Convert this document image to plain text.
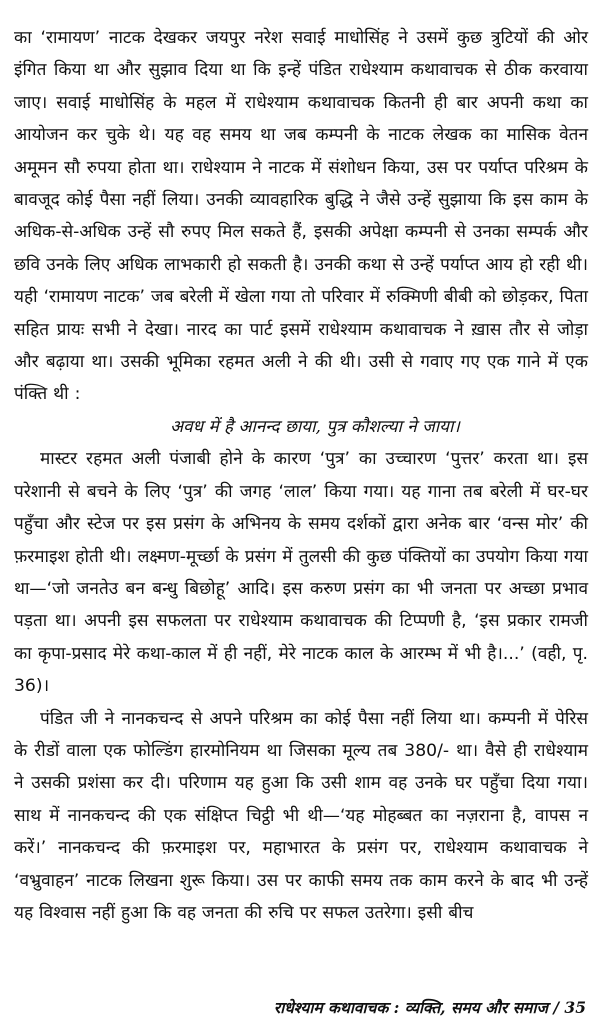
का ‘रामायण’ नाटक देखकर जयपुर नरेश सवाई माधोसिंह ने उसमें कुछ त्रुटियों की ओर इंगित किया था और सुझाव दिया था कि इन्हें पंडित राधेश्याम कथावाचक से ठीक करवाया जाए। सवाई माधोसिंह के महल में राधेश्याम कथावाचक कितनी ही बार अपनी कथा का आयोजन कर चुके थे। यह वह समय था जब कम्पनी के नाटक लेखक का मासिक वेतन अमूमन सौ रुपया होता था। राधेश्याम ने नाटक में संशोधन किया, उस पर पर्याप्त परिश्रम के बावजूद कोई पैसा नहीं लिया। उनकी व्यावहारिक बुद्धि ने जैसे उन्हें सुझाया कि इस काम के अधिक-से-अधिक उन्हें सौ रुपए मिल सकते हैं, इसकी अपेक्षा कम्पनी से उनका सम्पर्क और छवि उनके लिए अधिक लाभकारी हो सकती है। उनकी कथा से उन्हें पर्याप्त आय हो रही थी। यही ‘रामायण नाटक’ जब बरेली में खेला गया तो परिवार में रुक्मिणी बीबी को छोड़कर, पिता सहित प्रायः सभी ने देखा। नारद का पार्ट इसमें राधेश्याम कथावाचक ने ख़ास तौर से जोड़ा और बढ़ाया था। उसकी भूमिका रहमत अली ने की थी। उसी से गवाए गए एक गाने में एक पंक्ति थी :

अवध में है आनन्द छाया, पुत्र कौशल्या ने जाया।

मास्टर रहमत अली पंजाबी होने के कारण ‘पुत्र’ का उच्चारण ‘पुत्तर’ करता था। इस परेशानी से बचने के लिए ‘पुत्र’ की जगह ‘लाल’ किया गया। यह गाना तब बरेली में घर-घर पहुँचा और स्टेज पर इस प्रसंग के अभिनय के समय दर्शकों द्वारा अनेक बार ‘वन्स मोर’ की फ़रमाइश होती थी। लक्ष्मण-मूर्च्छा के प्रसंग में तुलसी की कुछ पंक्तियों का उपयोग किया गया था—‘जो जनतेउ बन बन्धु बिछोहू’ आदि। इस करुण प्रसंग का भी जनता पर अच्छा प्रभाव पड़ता था। अपनी इस सफलता पर राधेश्याम कथावाचक की टिप्पणी है, ‘इस प्रकार रामजी का कृपा-प्रसाद मेरे कथा-काल में ही नहीं, मेरे नाटक काल के आरम्भ में भी है।...’ (वही, पृ. 36)।

पंडित जी ने नानकचन्द से अपने परिश्रम का कोई पैसा नहीं लिया था। कम्पनी में पेरिस के रीडों वाला एक फोल्डिंग हारमोनियम था जिसका मूल्य तब 380/- था। वैसे ही राधेश्याम ने उसकी प्रशंसा कर दी। परिणाम यह हुआ कि उसी शाम वह उनके घर पहुँचा दिया गया। साथ में नानकचन्द की एक संक्षिप्त चिट्ठी भी थी—‘यह मोहब्बत का नज़राना है, वापस न करें।’ नानकचन्द की फ़रमाइश पर, महाभारत के प्रसंग पर, राधेश्याम कथावाचक ने ‘वभ्रुवाहन’ नाटक लिखना शुरू किया। उस पर काफी समय तक काम करने के बाद भी उन्हें यह विश्वास नहीं हुआ कि वह जनता की रुचि पर सफल उतरेगा। इसी बीच

राधेश्याम कथावाचक : व्यक्ति, समय और समाज / 35
